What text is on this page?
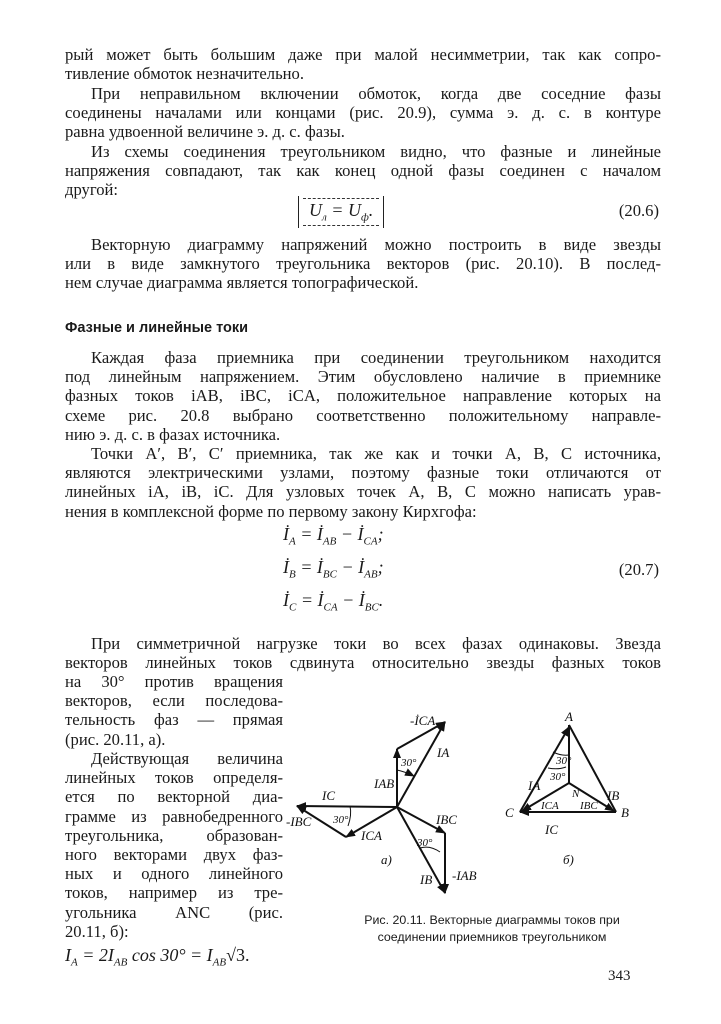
рый может быть большим даже при малой несимметрии, так как сопро-
тивление обмоток незначительно.
При неправильном включении обмоток, когда две соседние фазы
соединены началами или концами (рис. 20.9), сумма э. д. с. в контуре
равна удвоенной величине э. д. с. фазы.
Из схемы соединения треугольником видно, что фазные и линейные
напряжения совпадают, так как конец одной фазы соединен с началом
другой:
$U_л = U_ф$.	(20.6)
Векторную диаграмму напряжений можно построить в виде звезды
или в виде замкнутого треугольника векторов (рис. 20.10). В послед-
нем случае диаграмма является топографической.
Фазные и линейные токи
Каждая фаза приемника при соединении треугольником находится
под линейным напряжением. Этим обусловлено наличие в приемнике
фазных токов iAB, iBC, iCA, положительное направление которых на
схеме рис. 20.8 выбрано соответственно положительному направле-
нию э. д. с. в фазах источника.
Точки A′, B′, C′ приемника, так же как и точки A, B, C источника,
являются электрическими узлами, поэтому фазные токи отличаются от
линейных iA, iB, iC. Для узловых точек A, B, C можно написать урав-
нения в комплексной форме по первому закону Кирхгофа:
$İ_A$ = $İ_{AB}$ − $İ_{CA}$;
$İ_B$ = $İ_{BC}$ − $İ_{AB}$;
$İ_C$ = $İ_{CA}$ − $İ_{BC}$.
(20.7)
При симметричной нагрузке токи во всех фазах одинаковы. Звезда
векторов линейных токов сдвинута относительно звезды фазных токов
на 30° против вращения
векторов, если последова-
тельность фаз — прямая
(рис. 20.11, а).
Действующая величина
линейных токов определя-
ется по векторной диа-
грамме из равнобедренного
треугольника, образован-
ного векторами двух фаз-
ных и одного линейного
токов, например из тре-
угольника ANC (рис.
20.11, б):
$I_A = 2I_{AB}$ $\cos 30^\circ = I_{AB}√3$.
-İCA
IA
IAB
30°
IC
-IBC 30°
ICA
IBC
30°
IB -IAB
а)
A
B
C
N
IA
IB
IC
ICA IBC
30°
30°
б)
Рис. 20.11. Векторные диаграммы токов при
соединении приемников треугольником
343
